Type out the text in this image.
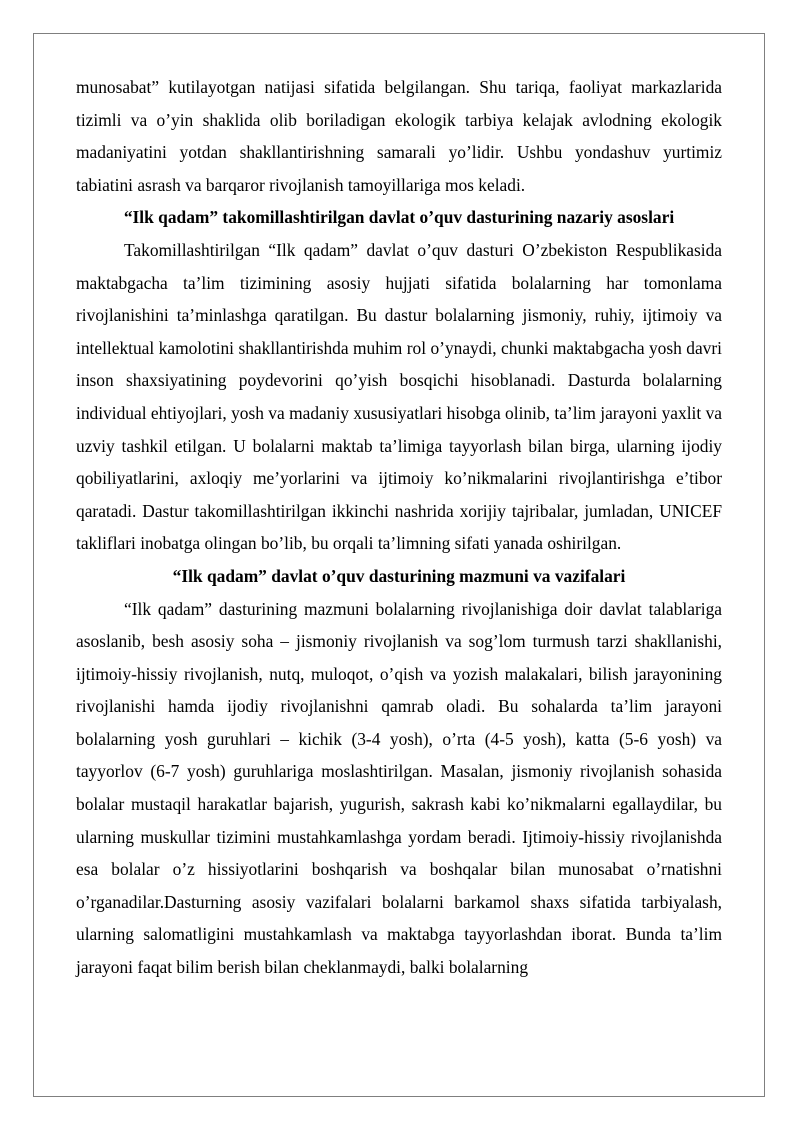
munosabat” kutilayotgan natijasi sifatida belgilangan. Shu tariqa, faoliyat markazlarida tizimli va o’yin shaklida olib boriladigan ekologik tarbiya kelajak avlodning ekologik madaniyatini yotdan shakllantirishning samarali yo’lidir. Ushbu yondashuv yurtimiz tabiatini asrash va barqaror rivojlanish tamoyillariga mos keladi.

“Ilk qadam” takomillashtirilgan davlat o’quv dasturining nazariy asoslari

Takomillashtirilgan “Ilk qadam” davlat o’quv dasturi O’zbekiston Respublikasida maktabgacha ta’lim tizimining asosiy hujjati sifatida bolalarning har tomonlama rivojlanishini ta’minlashga qaratilgan. Bu dastur bolalarning jismoniy, ruhiy, ijtimoiy va intellektual kamolotini shakllantirishda muhim rol o’ynaydi, chunki maktabgacha yosh davri inson shaxsiyatining poydevorini qo’yish bosqichi hisoblanadi. Dasturda bolalarning individual ehtiyojlari, yosh va madaniy xususiyatlari hisobga olinib, ta’lim jarayoni yaxlit va uzviy tashkil etilgan. U bolalarni maktab ta’limiga tayyorlash bilan birga, ularning ijodiy qobiliyatlarini, axloqiy me’yorlarini va ijtimoiy ko’nikmalarini rivojlantirishga e’tibor qaratadi. Dastur takomillashtirilgan ikkinchi nashrida xorijiy tajribalar, jumladan, UNICEF takliflari inobatga olingan bo’lib, bu orqali ta’limning sifati yanada oshirilgan.

“Ilk qadam” davlat o’quv dasturining mazmuni va vazifalari

“Ilk qadam” dasturining mazmuni bolalarning rivojlanishiga doir davlat talablariga asoslanib, besh asosiy soha – jismoniy rivojlanish va sog’lom turmush tarzi shakllanishi, ijtimoiy-hissiy rivojlanish, nutq, muloqot, o’qish va yozish malakalari, bilish jarayonining rivojlanishi hamda ijodiy rivojlanishni qamrab oladi. Bu sohalarda ta’lim jarayoni bolalarning yosh guruhlari – kichik (3-4 yosh), o’rta (4-5 yosh), katta (5-6 yosh) va tayyorlov (6-7 yosh) guruhlariga moslashtirilgan. Masalan, jismoniy rivojlanish sohasida bolalar mustaqil harakatlar bajarish, yugurish, sakrash kabi ko’nikmalarni egallaydilar, bu ularning muskullar tizimini mustahkamlashga yordam beradi. Ijtimoiy-hissiy rivojlanishda esa bolalar o’z hissiyotlarini boshqarish va boshqalar bilan munosabat o’rnatishni o’rganadilar.Dasturning asosiy vazifalari bolalarni barkamol shaxs sifatida tarbiyalash, ularning salomatligini mustahkamlash va maktabga tayyorlashdan iborat. Bunda ta’lim jarayoni faqat bilim berish bilan cheklanmaydi, balki bolalarning
